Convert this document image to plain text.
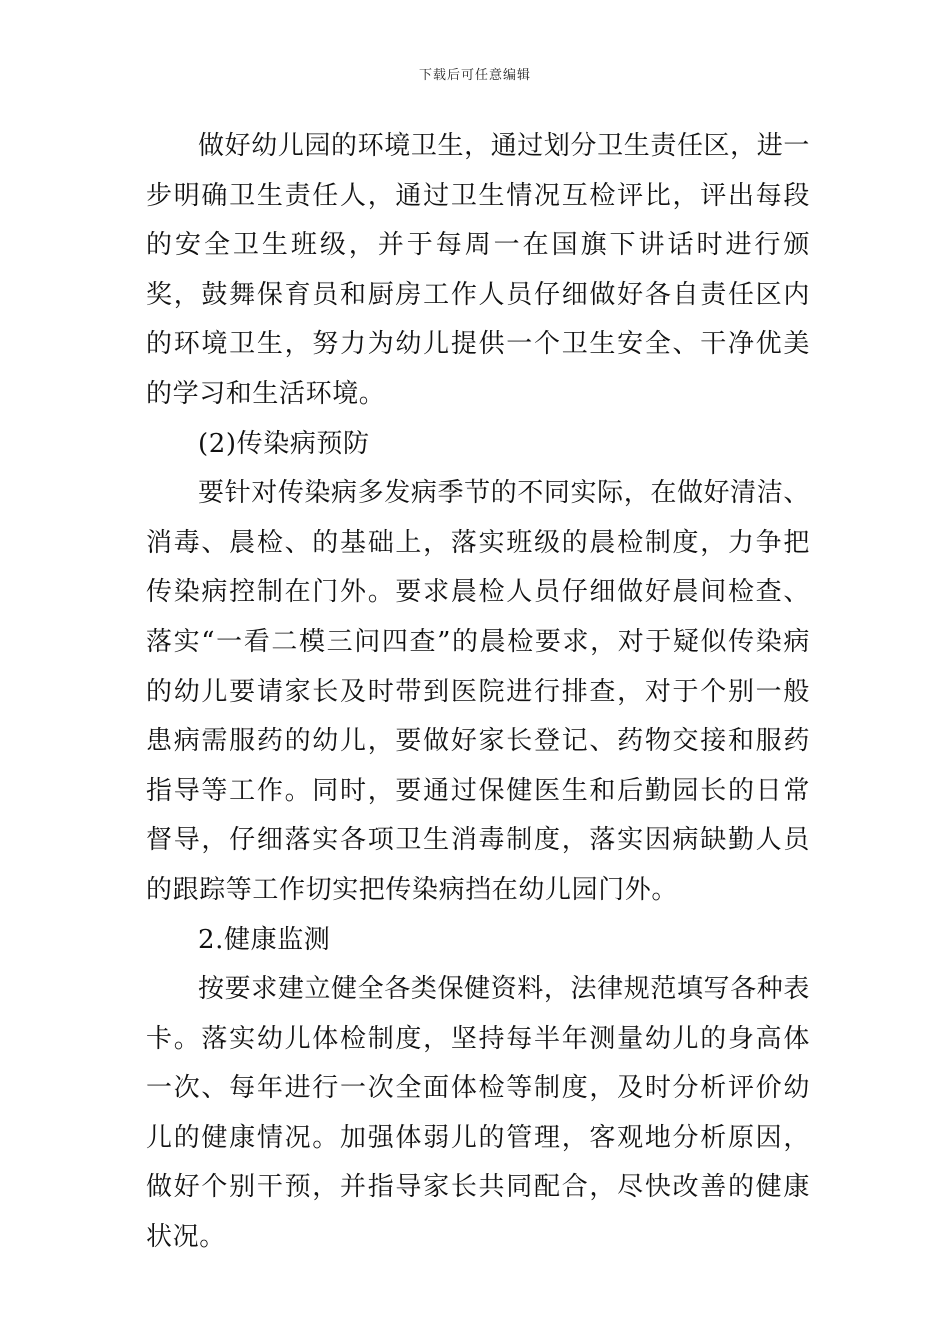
下载后可任意编辑

做好幼儿园的环境卫生，通过划分卫生责任区，进一步明确卫生责任人，通过卫生情况互检评比，评出每段的安全卫生班级，并于每周一在国旗下讲话时进行颁奖，鼓舞保育员和厨房工作人员仔细做好各自责任区内的环境卫生，努力为幼儿提供一个卫生安全、干净优美的学习和生活环境。

(2)传染病预防

要针对传染病多发病季节的不同实际，在做好清洁、消毒、晨检、的基础上，落实班级的晨检制度，力争把传染病控制在门外。要求晨检人员仔细做好晨间检查、落实“一看二模三问四查”的晨检要求，对于疑似传染病的幼儿要请家长及时带到医院进行排查，对于个别一般患病需服药的幼儿，要做好家长登记、药物交接和服药指导等工作。同时，要通过保健医生和后勤园长的日常督导，仔细落实各项卫生消毒制度，落实因病缺勤人员的跟踪等工作切实把传染病挡在幼儿园门外。

2.健康监测

按要求建立健全各类保健资料，法律规范填写各种表卡。落实幼儿体检制度，坚持每半年测量幼儿的身高体一次、每年进行一次全面体检等制度，及时分析评价幼儿的健康情况。加强体弱儿的管理，客观地分析原因，做好个别干预，并指导家长共同配合，尽快改善的健康状况。
